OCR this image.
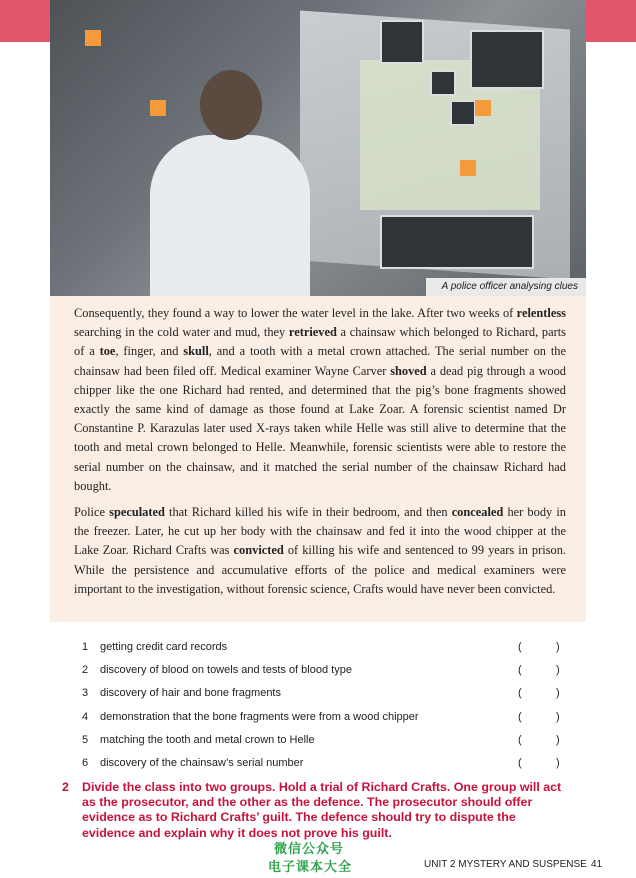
A police officer analysing clues

Consequently, they found a way to lower the water level in the lake. After two weeks of relentless searching in the cold water and mud, they retrieved a chainsaw which belonged to Richard, parts of a toe, finger, and skull, and a tooth with a metal crown attached. The serial number on the chainsaw had been filed off. Medical examiner Wayne Carver shoved a dead pig through a wood chipper like the one Richard had rented, and determined that the pig’s bone fragments showed exactly the same kind of damage as those found at Lake Zoar. A forensic scientist named Dr Constantine P. Karazulas later used X-rays taken while Helle was still alive to determine that the tooth and metal crown belonged to Helle. Meanwhile, forensic scientists were able to restore the serial number on the chainsaw, and it matched the serial number of the chainsaw Richard had bought.

Police speculated that Richard killed his wife in their bedroom, and then concealed her body in the freezer. Later, he cut up her body with the chainsaw and fed it into the wood chipper at the Lake Zoar. Richard Crafts was convicted of killing his wife and sentenced to 99 years in prison. While the persistence and accumulative efforts of the police and medical examiners were important to the investigation, without forensic science, Crafts would have never been convicted.

1 getting credit card records	(	)
2 discovery of blood on towels and tests of blood type	(	)
3 discovery of hair and bone fragments	(	)
4 demonstration that the bone fragments were from a wood chipper	(	)
5 matching the tooth and metal crown to Helle	(	)
6 discovery of the chainsaw’s serial number	(	)
2 Divide the class into two groups. Hold a trial of Richard Crafts. One group will act as the prosecutor, and the other as the defence. The prosecutor should offer evidence as to Richard Crafts’ guilt. The defence should try to dispute the evidence and explain why it does not prove his guilt.

微信公众号
电子课本大全	UNIT 2 MYSTERY AND SUSPENSE 41
